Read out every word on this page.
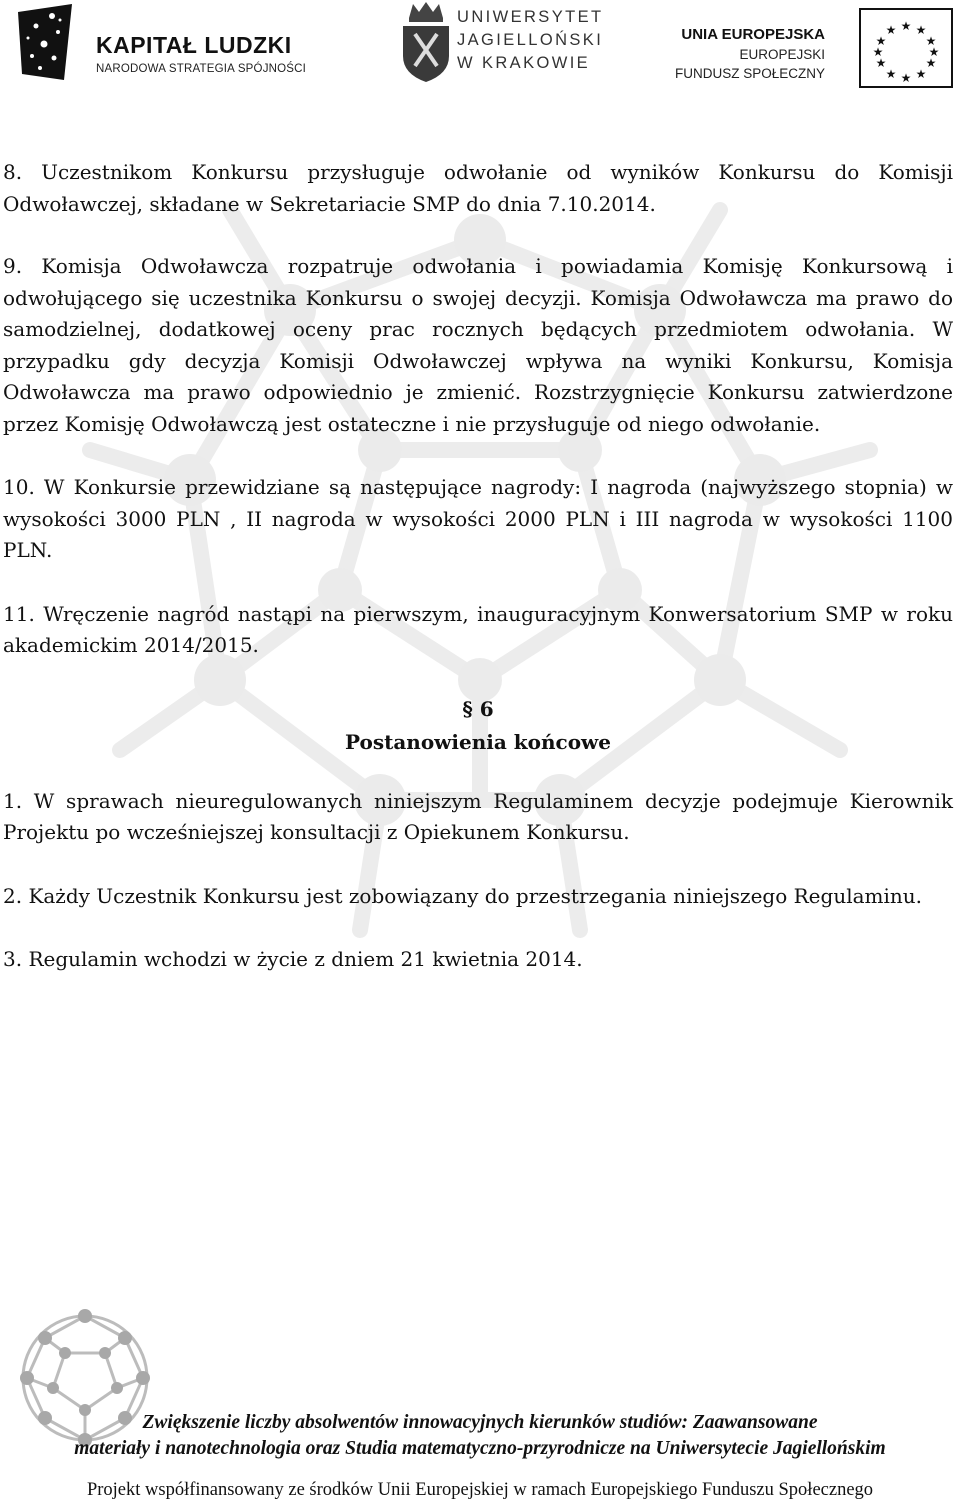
KAPITAŁ LUDZKI
NARODOWA STRATEGIA SPÓJNOŚCI
UNIWERSYTET
JAGIELLOŃSKI
W KRAKOWIE
UNIA EUROPEJSKA
EUROPEJSKI
FUNDUSZ SPOŁECZNY
★ ★
★
★
★
★
★
★
★
★
★
★

8. Uczestnikom Konkursu przysługuje odwołanie od wyników Konkursu do Komisji Odwoławczej, składane w Sekretariacie SMP do dnia 7.10.2014.

9. Komisja Odwoławcza rozpatruje odwołania i powiadamia Komisję Konkursową i odwołującego się uczestnika Konkursu o swojej decyzji. Komisja Odwoławcza ma prawo do samodzielnej, dodatkowej oceny prac rocznych będących przedmiotem odwołania. W przypadku gdy decyzja Komisji Odwoławczej wpływa na wyniki Konkursu, Komisja Odwoławcza ma prawo odpowiednio je zmienić. Rozstrzygnięcie Konkursu zatwierdzone przez Komisję Odwoławczą jest ostateczne i nie przysługuje od niego odwołanie.

10. W Konkursie przewidziane są następujące nagrody: I nagroda (najwyższego stopnia) w wysokości 3000 PLN , II nagroda w wysokości 2000 PLN i III nagroda w wysokości 1100 PLN.

11. Wręczenie nagród nastąpi na pierwszym, inauguracyjnym Konwersatorium SMP w roku akademickim 2014/2015.

§ 6
Postanowienia końcowe

1. W sprawach nieuregulowanych niniejszym Regulaminem decyzje podejmuje Kierownik Projektu po wcześniejszej konsultacji z Opiekunem Konkursu.

2. Każdy Uczestnik Konkursu jest zobowiązany do przestrzegania niniejszego Regulaminu.

3. Regulamin wchodzi w życie z dniem 21 kwietnia 2014.

Zwiększenie liczby absolwentów innowacyjnych kierunków studiów: Zaawansowane
materiały i nanotechnologia oraz Studia matematyczno-przyrodnicze na Uniwersytecie Jagiellońskim
Projekt współfinansowany ze środków Unii Europejskiej w ramach Europejskiego Funduszu Społecznego
